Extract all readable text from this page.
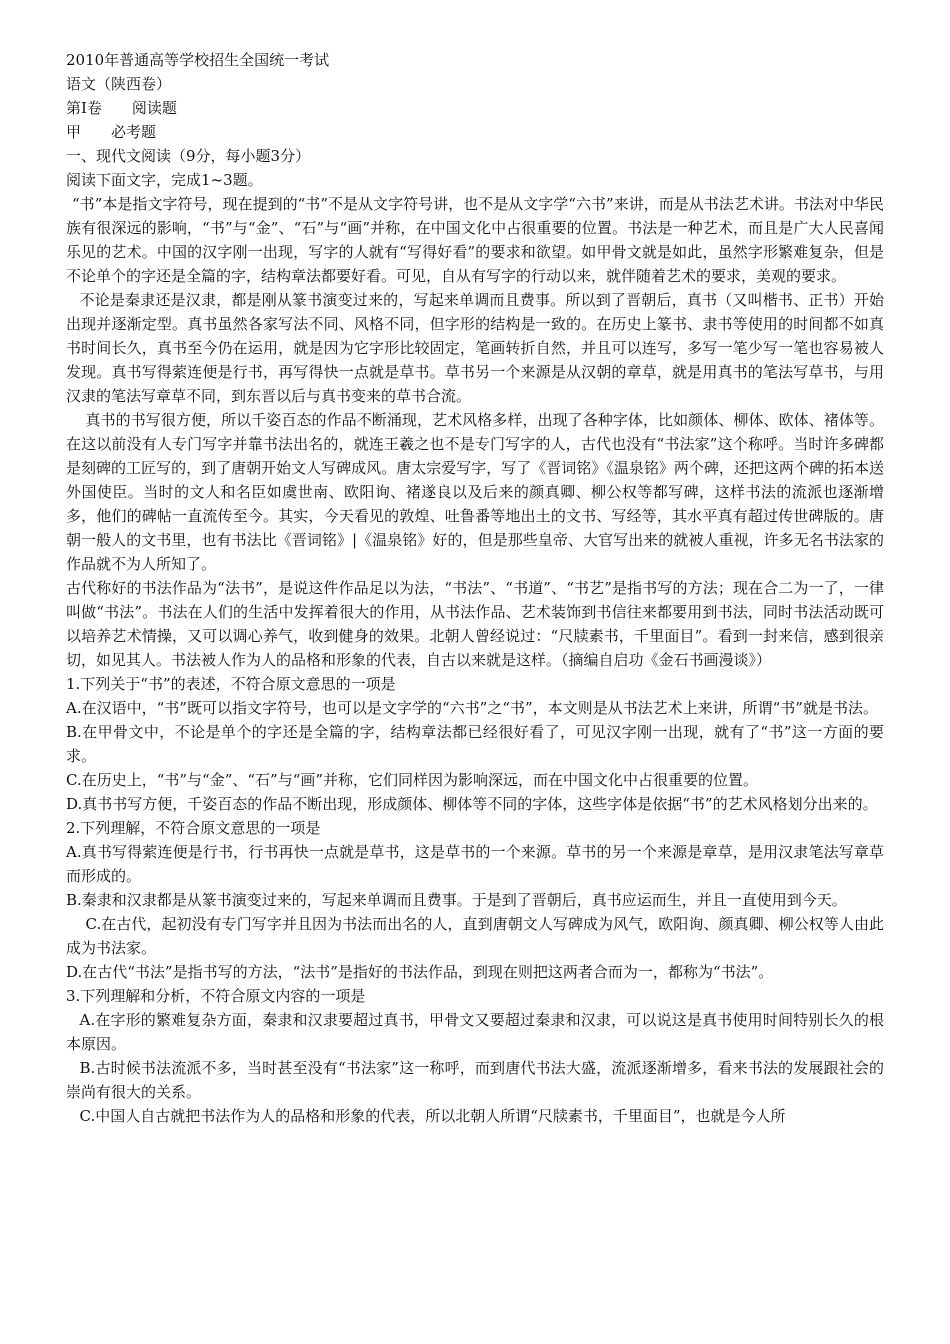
2010年普通高等学校招生全国统一考试

语文（陕西卷）

第Ⅰ卷　　阅读题

甲　　必考题

一、现代文阅读（9分，每小题3分）

阅读下面文字，完成1~3题。

“书”本是指文字符号，现在提到的“书”不是从文字符号讲，也不是从文字学“六书”来讲，而是从书法艺术讲。书法对中华民族有很深远的影响，“书”与“金”、“石”与“画”并称，在中国文化中占很重要的位置。书法是一种艺术，而且是广大人民喜闻乐见的艺术。中国的汉字刚一出现，写字的人就有“写得好看”的要求和欲望。如甲骨文就是如此，虽然字形繁难复杂，但是不论单个的字还是全篇的字，结构章法都要好看。可见，自从有写字的行动以来，就伴随着艺术的要求，美观的要求。

不论是秦隶还是汉隶，都是刚从篆书演变过来的，写起来单调而且费事。所以到了晋朝后，真书（又叫楷书、正书）开始出现并逐渐定型。真书虽然各家写法不同、风格不同，但字形的结构是一致的。在历史上篆书、隶书等使用的时间都不如真书时间长久，真书至今仍在运用，就是因为它字形比较固定，笔画转折自然，并且可以连写，多写一笔少写一笔也容易被人发现。真书写得萦连便是行书，再写得快一点就是草书。草书另一个来源是从汉朝的章草，就是用真书的笔法写草书，与用汉隶的笔法写章草不同，到东晋以后与真书变来的草书合流。

真书的书写很方便，所以千姿百态的作品不断涌现，艺术风格多样，出现了各种字体，比如颜体、柳体、欧体、褚体等。在这以前没有人专门写字并靠书法出名的，就连王羲之也不是专门写字的人，古代也没有“书法家”这个称呼。当时许多碑都是刻碑的工匠写的，到了唐朝开始文人写碑成风。唐太宗爱写字，写了《晋词铭》《温泉铭》两个碑，还把这两个碑的拓本送外国使臣。当时的文人和名臣如虞世南、欧阳询、褚遂良以及后来的颜真卿、柳公权等都写碑，这样书法的流派也逐渐增多，他们的碑帖一直流传至今。其实，今天看见的敦煌、吐鲁番等地出土的文书、写经等，其水平真有超过传世碑版的。唐朝一般人的文书里，也有书法比《晋词铭》|《温泉铭》好的，但是那些皇帝、大官写出来的就被人重视，许多无名书法家的作品就不为人所知了。

古代称好的书法作品为“法书”，是说这件作品足以为法，“书法”、“书道”、“书艺”是指书写的方法；现在合二为一了，一律叫做“书法”。书法在人们的生活中发挥着很大的作用，从书法作品、艺术装饰到书信往来都要用到书法，同时书法活动既可以培养艺术情操，又可以调心养气，收到健身的效果。北朝人曾经说过：“尺牍素书，千里面目”。看到一封来信，感到很亲切，如见其人。书法被人作为人的品格和形象的代表，自古以来就是这样。（摘编自启功《金石书画漫谈》）

1.下列关于“书”的表述，不符合原文意思的一项是

A.在汉语中，“书”既可以指文字符号，也可以是文字学的“六书”之“书”，本文则是从书法艺术上来讲，所谓“书”就是书法。

B.在甲骨文中，不论是单个的字还是全篇的字，结构章法都已经很好看了，可见汉字刚一出现，就有了“书”这一方面的要求。

C.在历史上，“书”与“金”、“石”与“画”并称，它们同样因为影响深远，而在中国文化中占很重要的位置。

D.真书书写方便，千姿百态的作品不断出现，形成颜体、柳体等不同的字体，这些字体是依据“书”的艺术风格划分出来的。

2.下列理解，不符合原文意思的一项是

A.真书写得萦连便是行书，行书再快一点就是草书，这是草书的一个来源。草书的另一个来源是章草，是用汉隶笔法写章草而形成的。

B.秦隶和汉隶都是从篆书演变过来的，写起来单调而且费事。于是到了晋朝后，真书应运而生，并且一直使用到今天。

C.在古代，起初没有专门写字并且因为书法而出名的人，直到唐朝文人写碑成为风气，欧阳询、颜真卿、柳公权等人由此成为书法家。

D.在古代“书法”是指书写的方法，“法书”是指好的书法作品，到现在则把这两者合而为一，都称为“书法”。

3.下列理解和分析，不符合原文内容的一项是

A.在字形的繁难复杂方面，秦隶和汉隶要超过真书，甲骨文又要超过秦隶和汉隶，可以说这是真书使用时间特别长久的根本原因。

B.古时候书法流派不多，当时甚至没有“书法家”这一称呼，而到唐代书法大盛，流派逐渐增多，看来书法的发展跟社会的崇尚有很大的关系。

C.中国人自古就把书法作为人的品格和形象的代表，所以北朝人所谓“尺牍素书，千里面目”，也就是今人所
